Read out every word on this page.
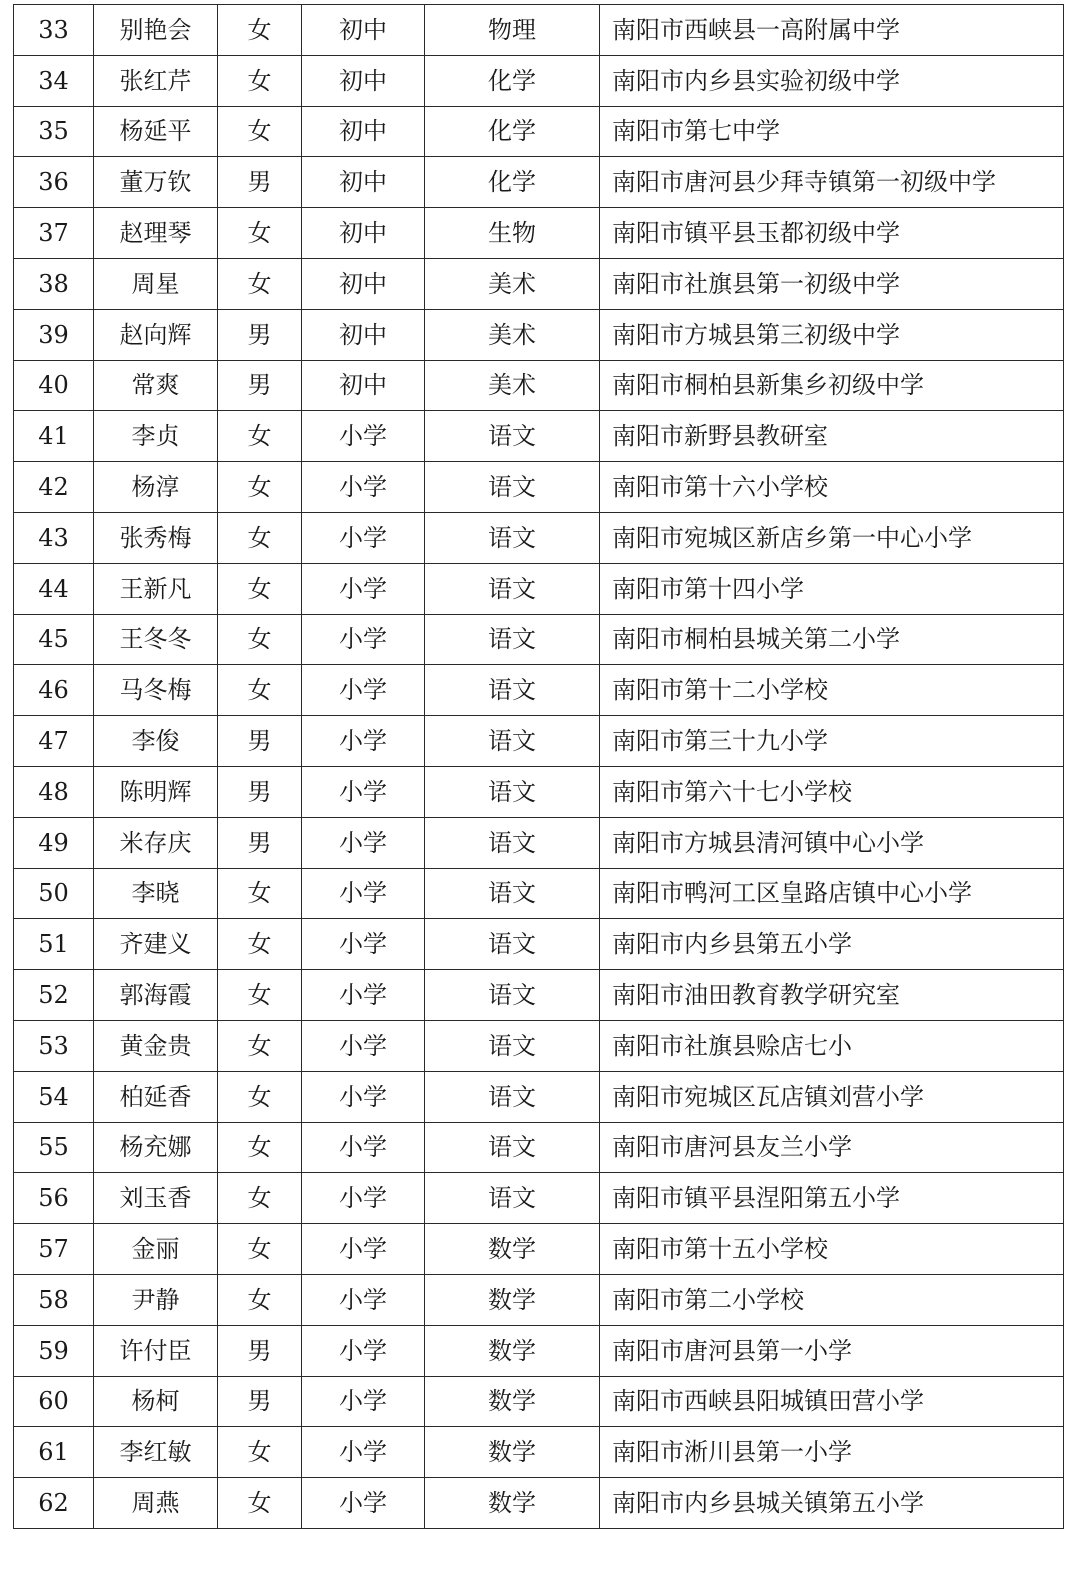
33	别艳会	女	初中	物理	南阳市西峡县一高附属中学
34	张红芹	女	初中	化学	南阳市内乡县实验初级中学
35	杨延平	女	初中	化学	南阳市第七中学
36	董万钦	男	初中	化学	南阳市唐河县少拜寺镇第一初级中学
37	赵理琴	女	初中	生物	南阳市镇平县玉都初级中学
38	周星	女	初中	美术	南阳市社旗县第一初级中学
39	赵向辉	男	初中	美术	南阳市方城县第三初级中学
40	常爽	男	初中	美术	南阳市桐柏县新集乡初级中学
41	李贞	女	小学	语文	南阳市新野县教研室
42	杨淳	女	小学	语文	南阳市第十六小学校
43	张秀梅	女	小学	语文	南阳市宛城区新店乡第一中心小学
44	王新凡	女	小学	语文	南阳市第十四小学
45	王冬冬	女	小学	语文	南阳市桐柏县城关第二小学
46	马冬梅	女	小学	语文	南阳市第十二小学校
47	李俊	男	小学	语文	南阳市第三十九小学
48	陈明辉	男	小学	语文	南阳市第六十七小学校
49	米存庆	男	小学	语文	南阳市方城县清河镇中心小学
50	李晓	女	小学	语文	南阳市鸭河工区皇路店镇中心小学
51	齐建义	女	小学	语文	南阳市内乡县第五小学
52	郭海霞	女	小学	语文	南阳市油田教育教学研究室
53	黄金贵	女	小学	语文	南阳市社旗县赊店七小
54	柏延香	女	小学	语文	南阳市宛城区瓦店镇刘营小学
55	杨充娜	女	小学	语文	南阳市唐河县友兰小学
56	刘玉香	女	小学	语文	南阳市镇平县涅阳第五小学
57	金丽	女	小学	数学	南阳市第十五小学校
58	尹静	女	小学	数学	南阳市第二小学校
59	许付臣	男	小学	数学	南阳市唐河县第一小学
60	杨柯	男	小学	数学	南阳市西峡县阳城镇田营小学
61	李红敏	女	小学	数学	南阳市淅川县第一小学
62	周燕	女	小学	数学	南阳市内乡县城关镇第五小学
